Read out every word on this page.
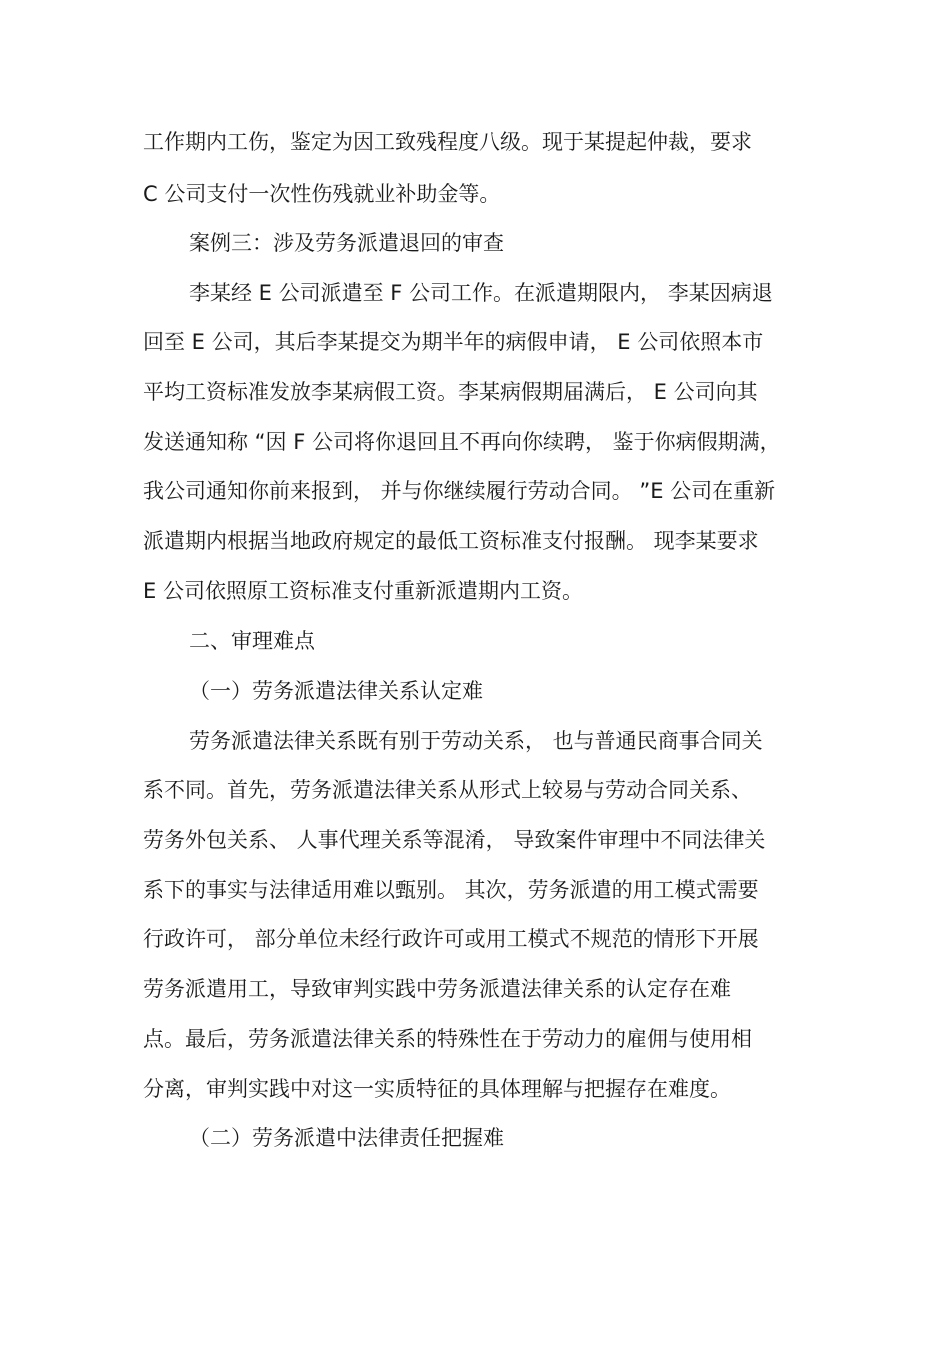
工作期内工伤，鉴定为因工致残程度八级。现于某提起仲裁，要求
C 公司支付一次性伤残就业补助金等。
案例三：涉及劳务派遣退回的审查
李某经 E 公司派遣至 F 公司工作。在派遣期限内， 李某因病退
回至 E 公司，其后李某提交为期半年的病假申请， E 公司依照本市
平均工资标准发放李某病假工资。李某病假期届满后， E 公司向其
发送通知称 “因 F 公司将你退回且不再向你续聘， 鉴于你病假期满，
我公司通知你前来报到， 并与你继续履行劳动合同。 ”E 公司在重新
派遣期内根据当地政府规定的最低工资标准支付报酬。 现李某要求
E 公司依照原工资标准支付重新派遣期内工资。
二、审理难点
（一）劳务派遣法律关系认定难
劳务派遣法律关系既有别于劳动关系， 也与普通民商事合同关
系不同。首先，劳务派遣法律关系从形式上较易与劳动合同关系、
劳务外包关系、 人事代理关系等混淆， 导致案件审理中不同法律关
系下的事实与法律适用难以甄别。 其次，劳务派遣的用工模式需要
行政许可， 部分单位未经行政许可或用工模式不规范的情形下开展
劳务派遣用工，导致审判实践中劳务派遣法律关系的认定存在难
点。最后，劳务派遣法律关系的特殊性在于劳动力的雇佣与使用相
分离，审判实践中对这一实质特征的具体理解与把握存在难度。
（二）劳务派遣中法律责任把握难
